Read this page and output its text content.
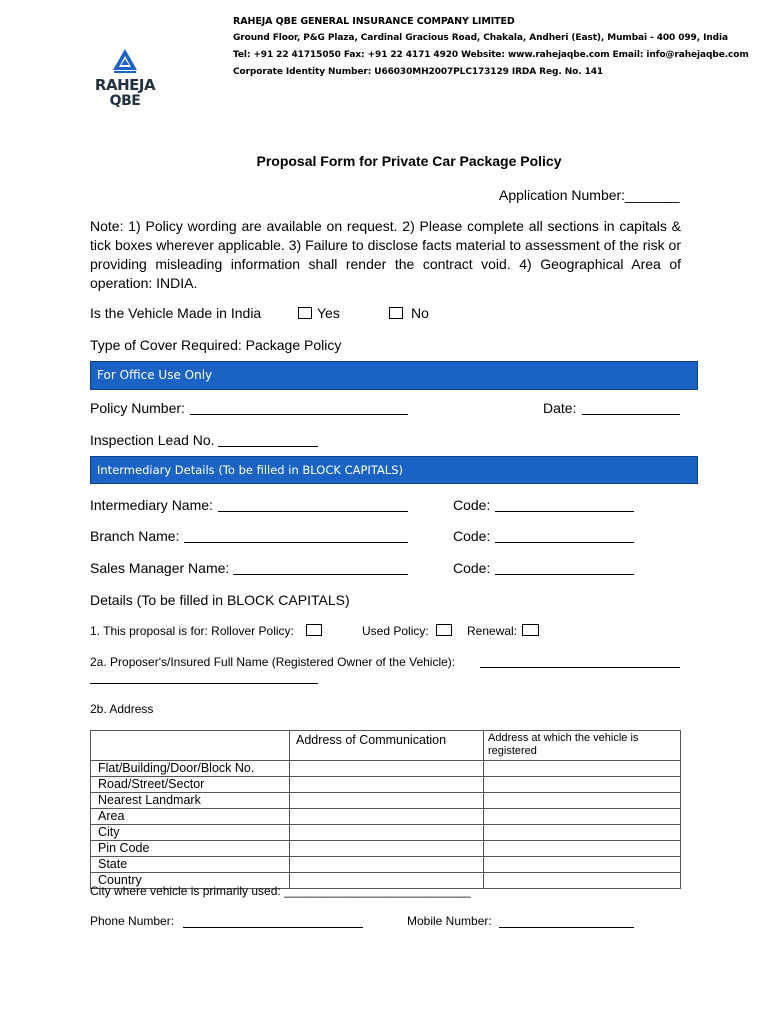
RAHEJA
QBE
RAHEJA QBE GENERAL INSURANCE COMPANY LIMITED
Ground Floor, P&G Plaza, Cardinal Gracious Road, Chakala, Andheri (East), Mumbai - 400 099, India
Tel: +91 22 41715050 Fax: +91 22 4171 4920 Website: www.rahejaqbe.com Email: info@rahejaqbe.com
Corporate Identity Number: U66030MH2007PLC173129 IRDA Reg. No. 141
Proposal Form for Private Car Package Policy
Application Number:_______
Note: 1) Policy wording are available on request. 2) Please complete all sections in capitals & tick boxes wherever applicable. 3) Failure to disclose facts material to assessment of the risk or providing misleading information shall render the contract void. 4) Geographical Area of operation: INDIA.
Is the Vehicle Made in India	Yes	No
Type of Cover Required: Package Policy
For Office Use Only
Policy Number:	Date:
Inspection Lead No.
Intermediary Details (To be filled in BLOCK CAPITALS)
Intermediary Name:	Code:
Branch Name:	Code:
Sales Manager Name:	Code:
Details (To be filled in BLOCK CAPITALS)
1. This proposal is for: Rollover Policy:	Used Policy:	Renewal:
2a. Proposer's/Insured Full Name (Registered Owner of the Vehicle):
2b. Address
	Address of Communication	Address at which the vehicle is registered
Flat/Building/Door/Block No.		
Road/Street/Sector		
Nearest Landmark		
Area		
City		
Pin Code		
State		
Country		
City where vehicle is primarily used: ____________________________
Phone Number:	Mobile Number:
